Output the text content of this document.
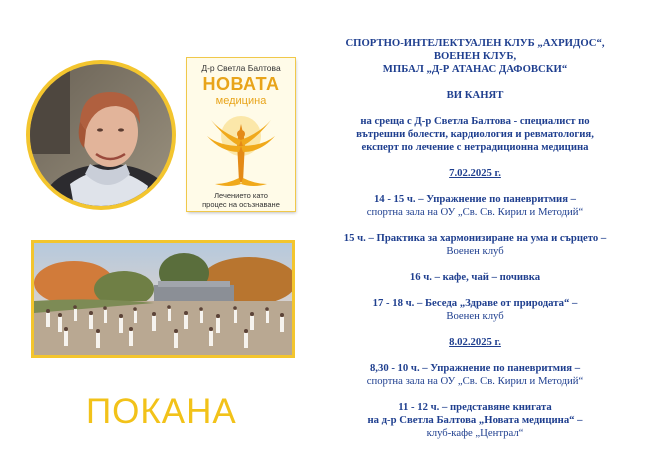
Д-р Светла Балтова
НОВАТА
медицина
Лечението като
процес на осъзнаване
ПОКАНА

СПОРТНО-ИНТЕЛЕКТУАЛЕН КЛУБ „АХРИДОС“,

ВОЕНЕН КЛУБ,

МПБАЛ „Д-Р АТАНАС ДАФОВСКИ“

ВИ КАНЯТ

на среща с Д-р Светла Балтова - специалист по

вътрешни болести, кардиология и ревматология,

експерт по лечение с нетрадиционна медицина

7.02.2025 г.

14 - 15 ч. – Упражнение по паневритмия –

спортна зала на ОУ „Св. Св. Кирил и Методий“

15 ч. – Практика за хармонизиране на ума и сърцето –

Военен клуб

16 ч. – кафе, чай – почивка

17 - 18 ч. – Беседа „Здраве от природата“ –

Военен клуб

8.02.2025 г.

8,30 - 10 ч. – Упражнение по паневритмия –

спортна зала на ОУ „Св. Св. Кирил и Методий“

11 - 12 ч. – представяне книгата

на д-р Светла Балтова „Новата медицина“ –

клуб-кафе „Централ“
